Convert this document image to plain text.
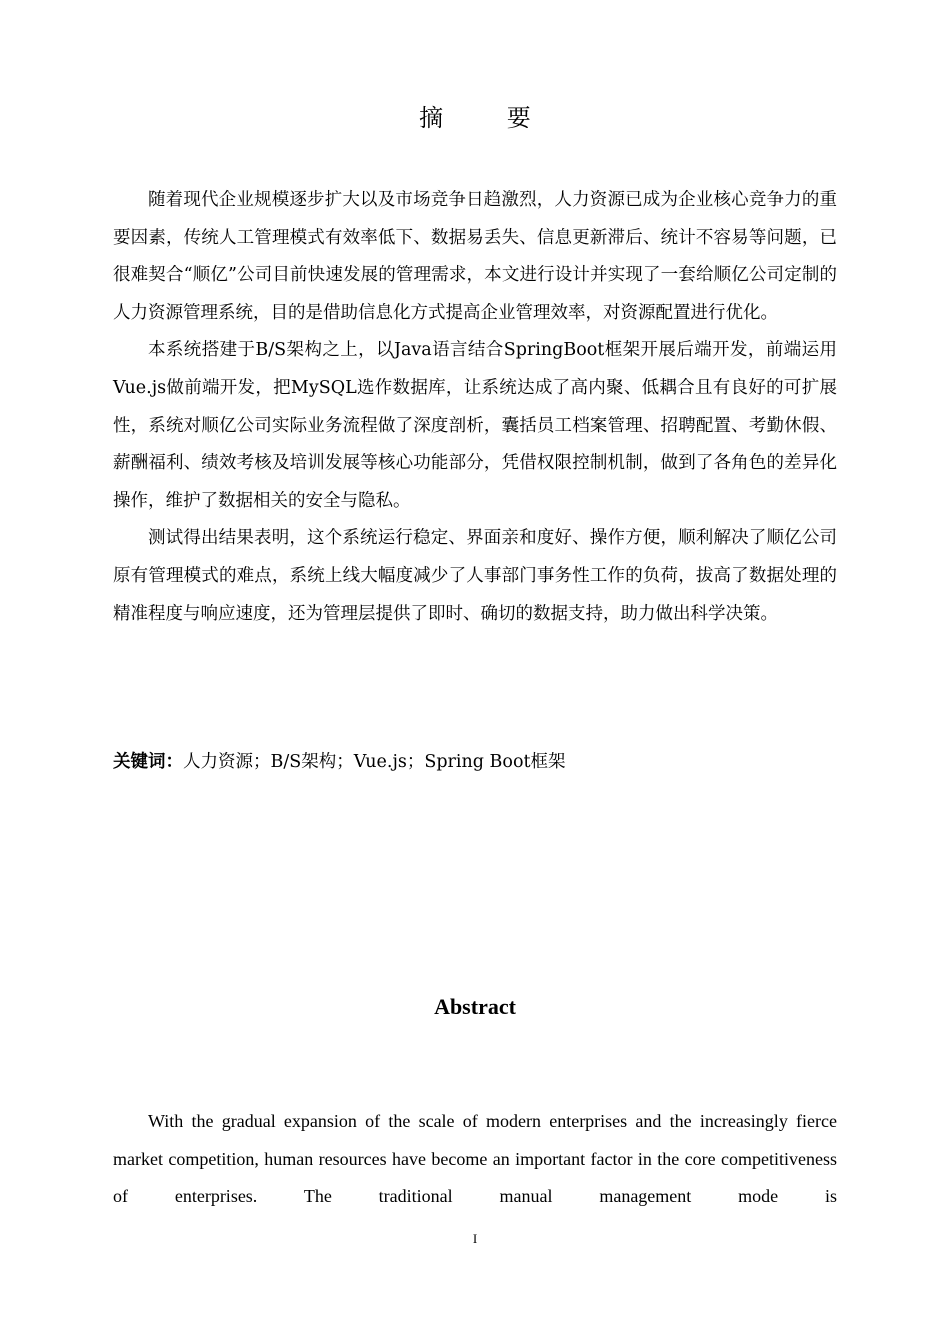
摘 要

随着现代企业规模逐步扩大以及市场竞争日趋激烈，人力资源已成为企业核心竞争力的重要因素，传统人工管理模式有效率低下、数据易丢失、信息更新滞后、统计不容易等问题，已很难契合“顺亿”公司目前快速发展的管理需求，本文进行设计并实现了一套给顺亿公司定制的人力资源管理系统，目的是借助信息化方式提高企业管理效率，对资源配置进行优化。

本系统搭建于B/S架构之上，以Java语言结合SpringBoot框架开展后端开发，前端运用Vue.js做前端开发，把MySQL选作数据库，让系统达成了高内聚、低耦合且有良好的可扩展性，系统对顺亿公司实际业务流程做了深度剖析，囊括员工档案管理、招聘配置、考勤休假、薪酬福利、绩效考核及培训发展等核心功能部分，凭借权限控制机制，做到了各角色的差异化操作，维护了数据相关的安全与隐私。

测试得出结果表明，这个系统运行稳定、界面亲和度好、操作方便，顺利解决了顺亿公司原有管理模式的难点，系统上线大幅度减少了人事部门事务性工作的负荷，拔高了数据处理的精准程度与响应速度，还为管理层提供了即时、确切的数据支持，助力做出科学决策。

关键词：人力资源；B/S架构；Vue.js；Spring Boot框架
Abstract

With the gradual expansion of the scale of modern enterprises and the increasingly fierce market competition, human resources have become an important factor in the core competitiveness of enterprises. The traditional manual management mode is

I
